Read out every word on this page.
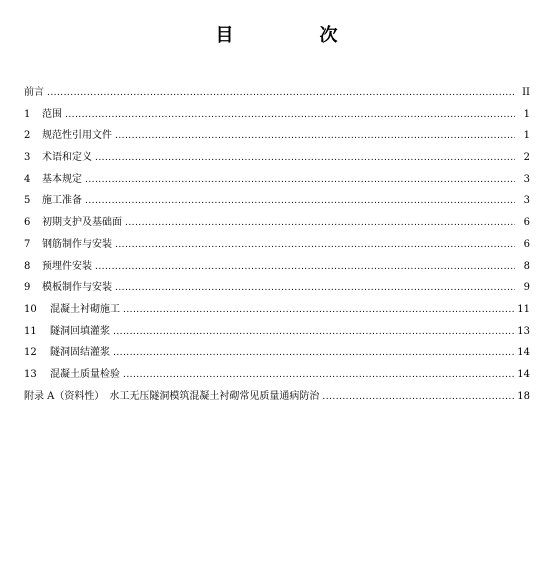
目　次
前言 . . .	II
1	范围 . . .	1
2	规范性引用文件 . . .	1
3	术语和定义 . . .	2
4	基本规定 . . .	3
5	施工准备 . . .	3
6	初期支护及基础面 . . .	6
7	钢筋制作与安装 . . .	6
8	预埋件安装 . . .	8
9	模板制作与安装 . . .	9
10	混凝土衬砌施工 . . .	11
11	隧洞回填灌浆 . . .	13
12	隧洞固结灌浆 . . .	14
13	混凝土质量检验 . . .	14
附录 A（资料性）　水工无压隧洞模筑混凝土衬砌常见质量通病防治 . . .	18
